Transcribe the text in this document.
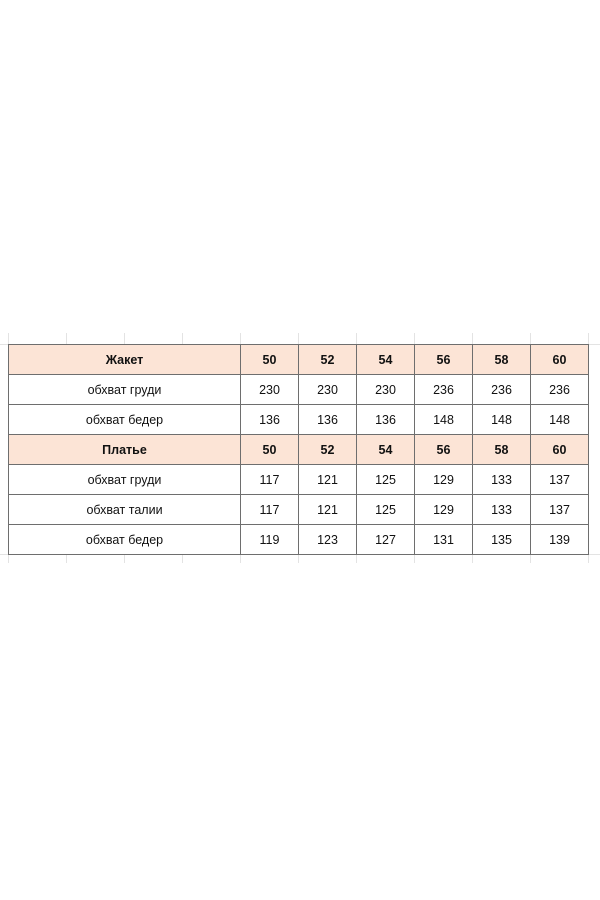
Жакет	50	52	54	56	58	60
обхват груди	230	230	230	236	236	236
обхват бедер	136	136	136	148	148	148
Платье	50	52	54	56	58	60
обхват груди	117	121	125	129	133	137
обхват талии	117	121	125	129	133	137
обхват бедер	119	123	127	131	135	139
